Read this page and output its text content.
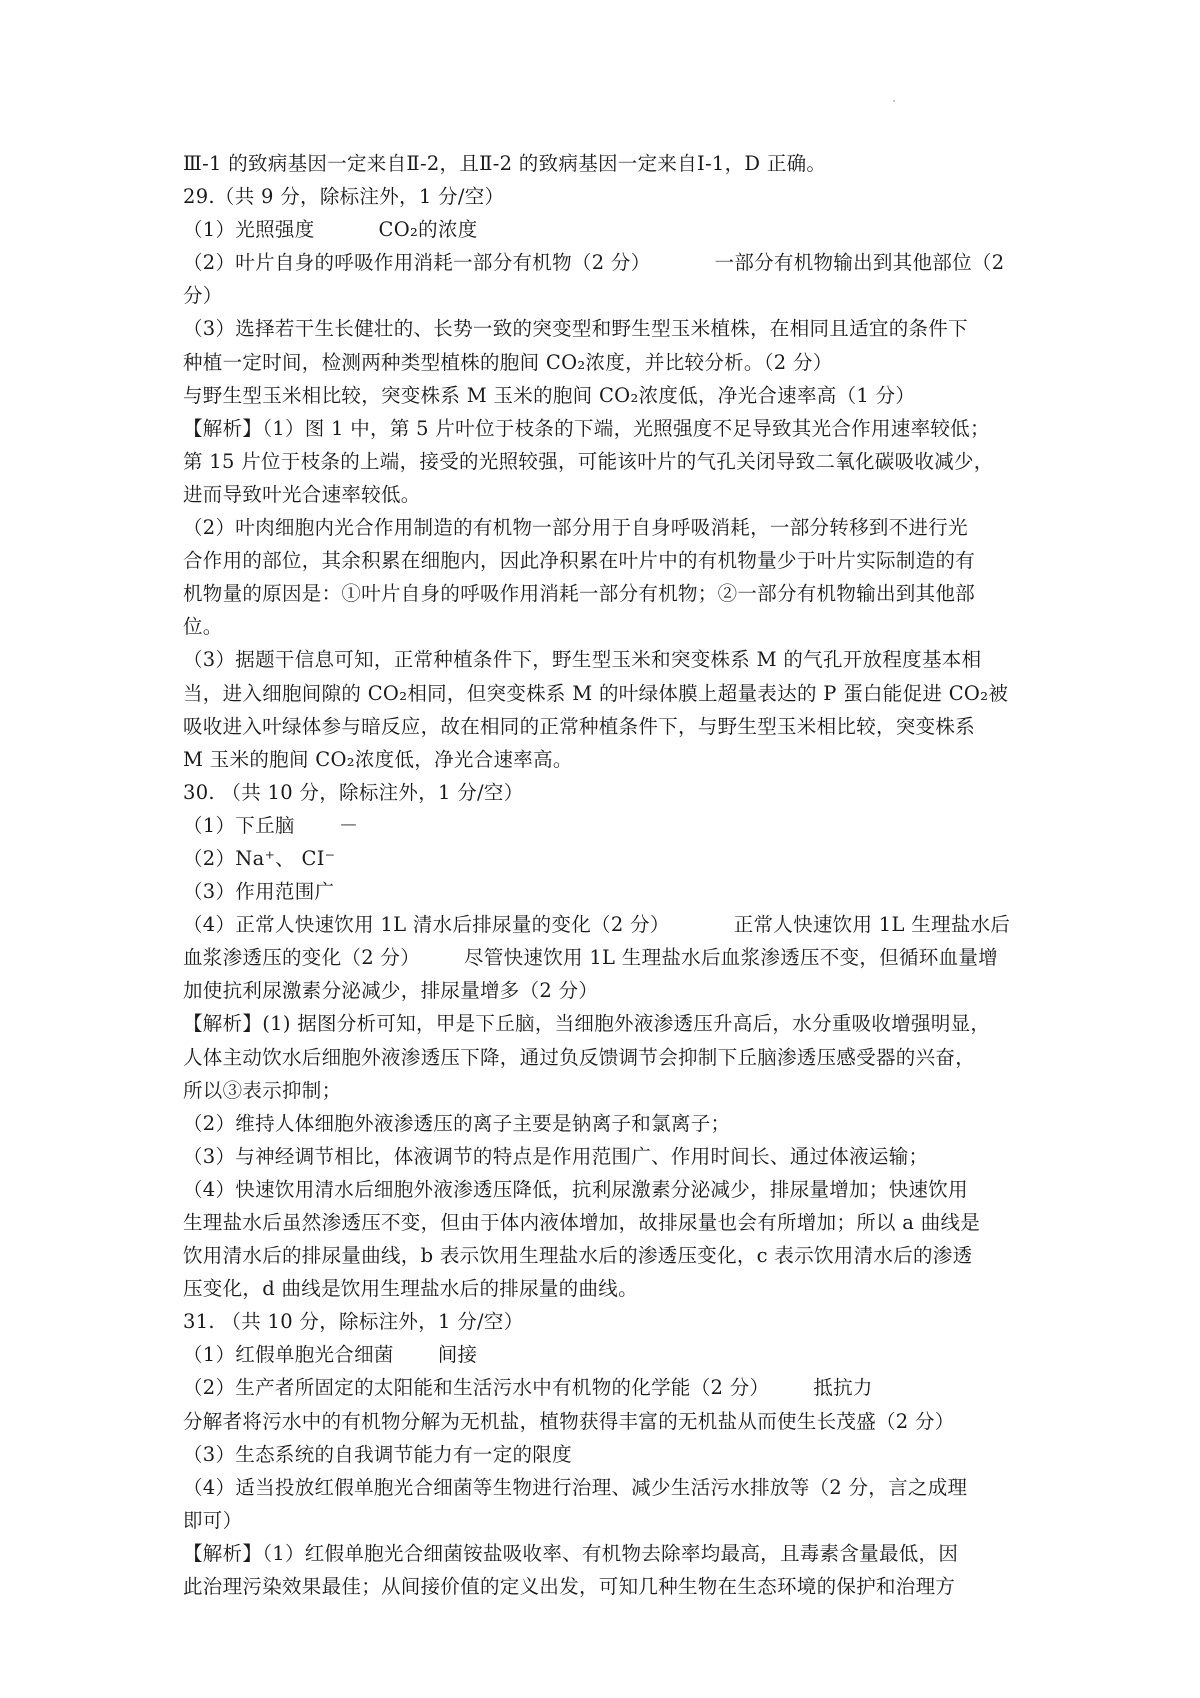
Ⅲ-1 的致病基因一定来自Ⅱ-2，且Ⅱ-2 的致病基因一定来自Ⅰ-1，D 正确。
29.（共 9 分，除标注外，1 分/空）
（1）光照强度	CO₂的浓度
（2）叶片自身的呼吸作用消耗一部分有机物（2 分）	一部分有机物输出到其他部位（2
分）
（3）选择若干生长健壮的、长势一致的突变型和野生型玉米植株，在相同且适宜的条件下
种植一定时间，检测两种类型植株的胞间 CO₂浓度，并比较分析。（2 分）
与野生型玉米相比较，突变株系 M 玉米的胞间 CO₂浓度低，净光合速率高（1 分）
【解析】（1）图 1 中，第 5 片叶位于枝条的下端，光照强度不足导致其光合作用速率较低；
第 15 片位于枝条的上端，接受的光照较强，可能该叶片的气孔关闭导致二氧化碳吸收减少，
进而导致叶光合速率较低。
（2）叶肉细胞内光合作用制造的有机物一部分用于自身呼吸消耗，一部分转移到不进行光
合作用的部位，其余积累在细胞内，因此净积累在叶片中的有机物量少于叶片实际制造的有
机物量的原因是：①叶片自身的呼吸作用消耗一部分有机物；②一部分有机物输出到其他部
位。
（3）据题干信息可知，正常种植条件下，野生型玉米和突变株系 M 的气孔开放程度基本相
当，进入细胞间隙的 CO₂相同，但突变株系 M 的叶绿体膜上超量表达的 P 蛋白能促进 CO₂被
吸收进入叶绿体参与暗反应，故在相同的正常种植条件下，与野生型玉米相比较，突变株系
M 玉米的胞间 CO₂浓度低，净光合速率高。
30. （共 10 分，除标注外，1 分/空）
（1）下丘脑 －
（2）Na⁺、 CI⁻
（3）作用范围广
（4）正常人快速饮用 1L 清水后排尿量的变化（2 分）	正常人快速饮用 1L 生理盐水后
血浆渗透压的变化（2 分） 尽管快速饮用 1L 生理盐水后血浆渗透压不变，但循环血量增
加使抗利尿激素分泌减少，排尿量增多（2 分）
【解析】(1) 据图分析可知，甲是下丘脑，当细胞外液渗透压升高后，水分重吸收增强明显，
人体主动饮水后细胞外液渗透压下降，通过负反馈调节会抑制下丘脑渗透压感受器的兴奋，
所以③表示抑制；
（2）维持人体细胞外液渗透压的离子主要是钠离子和氯离子；
（3）与神经调节相比，体液调节的特点是作用范围广、作用时间长、通过体液运输；
（4）快速饮用清水后细胞外液渗透压降低，抗利尿激素分泌减少，排尿量增加；快速饮用
生理盐水后虽然渗透压不变，但由于体内液体增加，故排尿量也会有所增加；所以 a 曲线是
饮用清水后的排尿量曲线，b 表示饮用生理盐水后的渗透压变化，c 表示饮用清水后的渗透
压变化，d 曲线是饮用生理盐水后的排尿量的曲线。
31. （共 10 分，除标注外，1 分/空）
（1）红假单胞光合细菌 间接
（2）生产者所固定的太阳能和生活污水中有机物的化学能（2 分） 抵抗力
分解者将污水中的有机物分解为无机盐，植物获得丰富的无机盐从而使生长茂盛（2 分）
（3）生态系统的自我调节能力有一定的限度
（4）适当投放红假单胞光合细菌等生物进行治理、减少生活污水排放等（2 分，言之成理
即可）
【解析】（1）红假单胞光合细菌铵盐吸收率、有机物去除率均最高，且毒素含量最低，因
此治理污染效果最佳；从间接价值的定义出发，可知几种生物在生态环境的保护和治理方
